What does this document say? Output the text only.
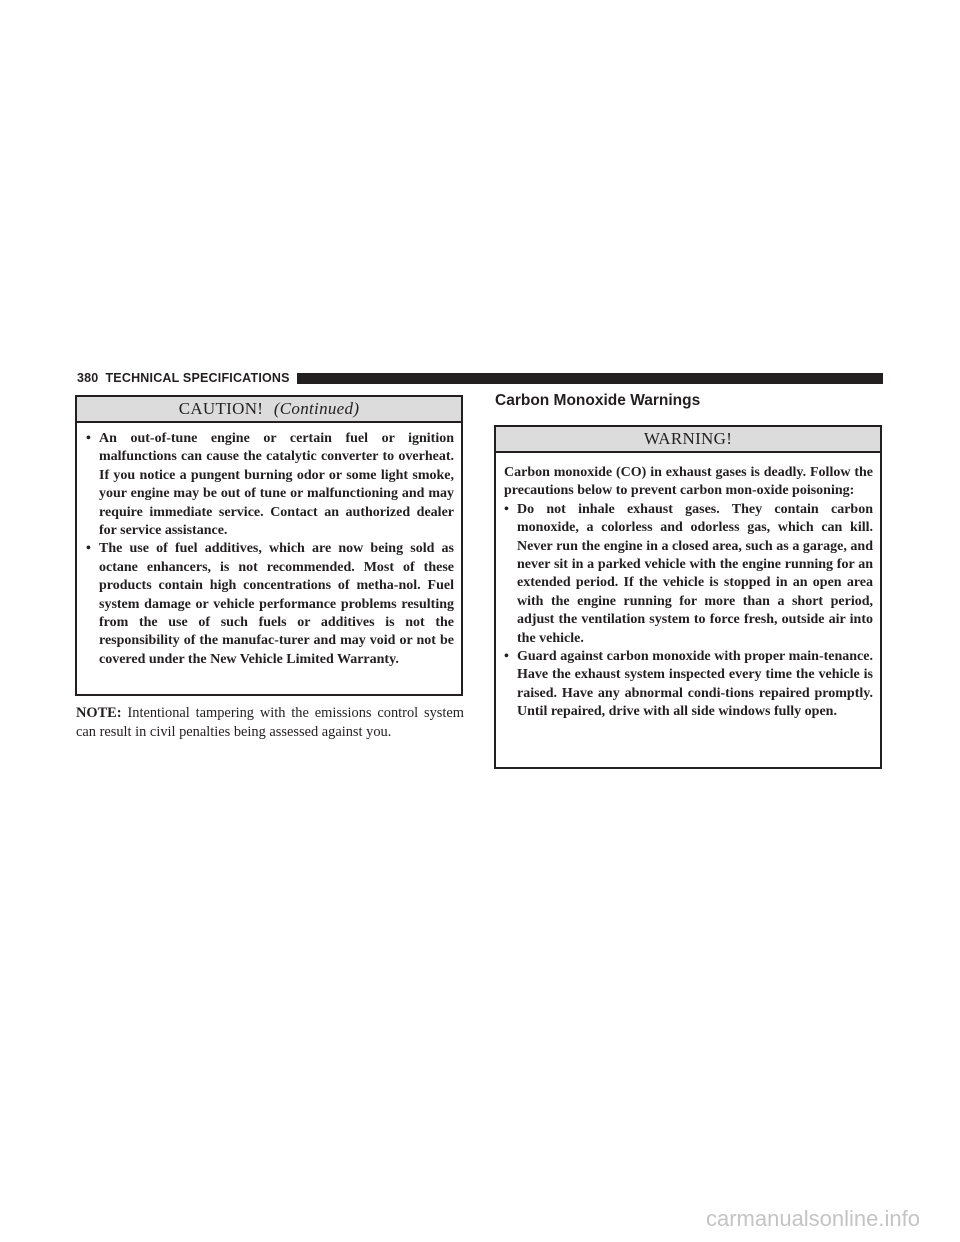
380 TECHNICAL SPECIFICATIONS
CAUTION! (Continued)
• An out-of-tune engine or certain fuel or ignition malfunctions can cause the catalytic converter to overheat. If you notice a pungent burning odor or some light smoke, your engine may be out of tune or malfunctioning and may require immediate service. Contact an authorized dealer for service assistance.
• The use of fuel additives, which are now being sold as octane enhancers, is not recommended. Most of these products contain high concentrations of metha-nol. Fuel system damage or vehicle performance problems resulting from the use of such fuels or additives is not the responsibility of the manufac-turer and may void or not be covered under the New Vehicle Limited Warranty.
NOTE: Intentional tampering with the emissions control system can result in civil penalties being assessed against you.
Carbon Monoxide Warnings
WARNING!
Carbon monoxide (CO) in exhaust gases is deadly. Follow the precautions below to prevent carbon mon-oxide poisoning:
• Do not inhale exhaust gases. They contain carbon monoxide, a colorless and odorless gas, which can kill. Never run the engine in a closed area, such as a garage, and never sit in a parked vehicle with the engine running for an extended period. If the vehicle is stopped in an open area with the engine running for more than a short period, adjust the ventilation system to force fresh, outside air into the vehicle.
• Guard against carbon monoxide with proper main-tenance. Have the exhaust system inspected every time the vehicle is raised. Have any abnormal condi-tions repaired promptly. Until repaired, drive with all side windows fully open.
carmanualsonline.info
